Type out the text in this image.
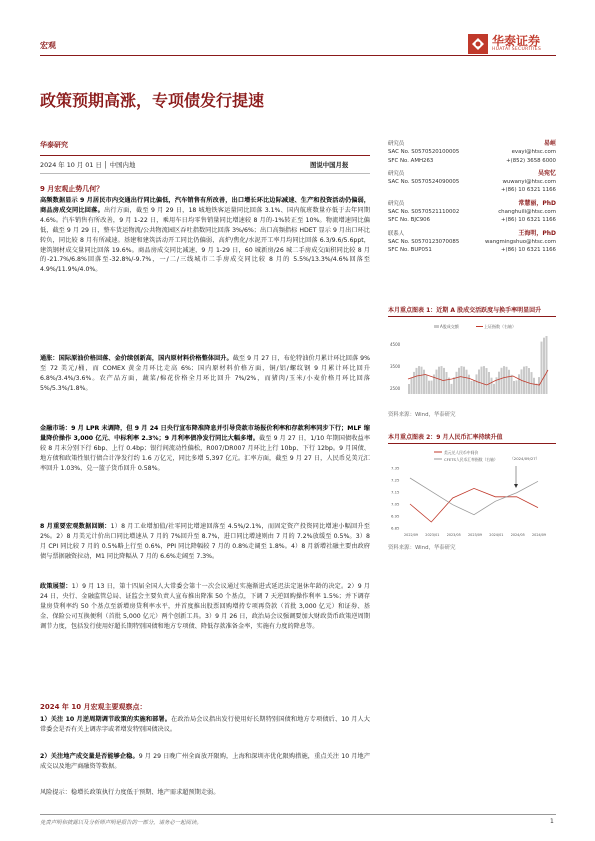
宏观	华泰证券
HUATAI SECURITIES
政策预期高涨，专项债发行提速
华泰研究
2024 年 10 月 01 日 │ 中国内地	图说中国月报
9 月宏观止势几何？
高频数据显示 9 月居民市内交通出行同比偏低，汽车销售有所改善，出口增长环比边际减速、生产和投资活动仍偏弱，商品房成交同比回落。出行方面，截至 9 月 29 日，18 城地铁客运量同比回落 3.1%、国内航班数量亦低于去年同期 4.6%。汽车销售有所改善，9 月 1-22 日，乘用车日均零售销量同比增速较 8 月的-1%转正至 10%。物流增速同比偏低，截至 9 月 29 日，整车货运物流/公共物流园区吞吐指数同比回落 3%/6%；出口高频指标 HDET 显示 9 月出口环比转负，同比较 8 月有所减速。基建和建筑活动开工同比仍偏弱，高炉/焦化/水泥开工率月均同比回落 6.3/9.6/5.6ppt，建筑钢材成交量同比回落 19.6%。商品房成交同比减速，9 月 1-29 日，60 城新房/26 城二手房成交面积同比较 8 月的-21.7%/6.8%回落至-32.8%/-9.7%，一/二/三线城市二手房成交同比较 8 月的 5.5%/13.3%/4.6%回落至 4.9%/11.9%/4.0%。
通胀：国际原油价格回落、金价续创新高，国内原材料价格整体回升。截至 9 月 27 日，布伦特油价月累计环比回落 9%至 72 美元/桶，而 COMEX 黄金月环比走高 6%；国内原材料价格方面，铜/铝/螺纹钢 9 月累计环比回升 6.8%/3.4%/3.6%。农产品方面，蔬菜/棉花价格全月环比回升 7%/2%，而猪肉/玉米/小麦价格月环比回落 5%/5.3%/1.8%。
金融市场：9 月 LPR 未调降，但 9 月 24 日央行宣布降准降息并引导贷款市场报价利率和存款利率同步下行；MLF 缩量降价操作 3,000 亿元、中标利率 2.3%；9 月利率债净发行同比大幅多增。截至 9 月 27 日，1/10 年期国债收益率较 8 月末分别下行 6bp、上行 0.4bp；银行间流动性偏松，R007/DR007 月环比上行 10bp、下行 12bp。9 月国债、地方债和政策性银行债合计净发行约 1.6 万亿元，同比多增 5,397 亿元。汇率方面，截至 9 月 27 日，人民币兑美元汇率回升 1.03%、兑一篮子货币回升 0.58%。
8 月重要宏观数据回顾：1）8 月工业增加值/社零同比增速回落至 4.5%/2.1%，而固定资产投资同比增速小幅回升至 2%。2）8 月美元计价出口同比增速从 7 月的 7%回升至 8.7%，进口同比增速则由 7 月的 7.2%放缓至 0.5%。3）8 月 CPI 同比较 7 月的 0.5%略上行至 0.6%，PPI 同比降幅较 7 月的 0.8%走阔至 1.8%。4）8 月新增社融主要由政府债与票据融资拉动，M1 同比降幅从 7 月的 6.6%走阔至 7.3%。
政策展望：1）9 月 13 日，第十四届全国人大常委会第十一次会议通过实施渐进式延迟法定退休年龄的决定。2）9 月 24 日，央行、金融监管总局、证监会主要负责人宣布推出降准 50 个基点，下调 7 天逆回购操作利率 1.5%；并下调存量房贷利率约 50 个基点至新增房贷利率水平，并首度推出股票回购增持专项再贷款（首批 3,000 亿元）和证券、基金、保险公司互换便利（首批 5,000 亿元）两个创新工具。3）9 月 26 日，政治局会议强调要加大财政货币政策逆周期调节力度，包括发行使用好超长期特别国债和地方专项债、降低存款准备金率，实施有力度的降息等。
2024 年 10 月宏观主要观察点：
1）关注 10 月逆周期调节政策的实施和部署。在政治局会议指出发行使用好长期特别国债和地方专项债后、10 月人大常委会是否有关上调赤字或者增发特别国债决议。
2）关注地产成交量是否能够企稳。9 月 29 日晚广州全面放开限购，上海和深圳亦优化限购措施，重点关注 10 月地产成交以及地产商融资等数据。
风险提示：稳增长政策执行力度低于预期、地产需求超预期走弱。
研究员	易峘
SAC No. S0570520100005	evayi@htsc.com
SFC No. AMH263	+(852) 3658 6000
研究员	吴宛忆
SAC No. S0570524090005	wuwanyi@htsc.com
+(86) 10 6321 1166
研究员	常慧丽，PhD
SAC No. S0570521110002	changhuili@htsc.com
SFC No. BJC906	+(86) 10 6321 1166
联系人	王海明，PhD
SAC No. S0570123070085	wangmingshuo@htsc.com
SFC No. BUP051	+(86) 10 6321 1166
本月重点图表 1：近期 A 股成交活跃度与换手率明显回升
A股成交额	上证指数（右轴）
4500
3500
2500
资料来源：Wind，华泰研究
本月重点图表 2：9 月人民币汇率持续升值
美元兑人民币中间价
CFETS人民币汇率指数（右轴）	（2024/09/27）
7.35
7.25
7.15
7.05
6.95
6.85
2022/09 2023/01 2023/05 2023/09 2024/01 2024/05 2024/09
资料来源：Wind，华泰研究
免责声明和披露以及分析师声明是报告的一部分，请务必一起阅读。	1
